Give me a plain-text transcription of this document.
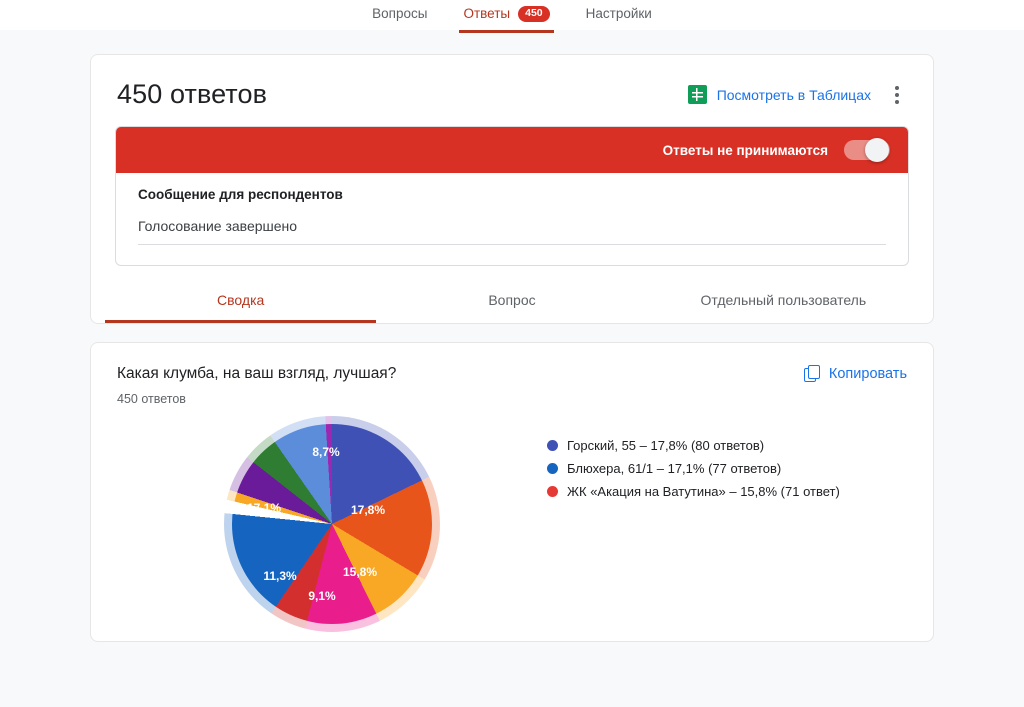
Вопросы	Ответы	450	Настройки
450 ответов	Посмотреть в Таблицах
Ответы не принимаются
Сообщение для респондентов
Голосование завершено
Сводка	Вопрос	Отдельный пользователь
Какая клумба, на ваш взгляд, лучшая?
450 ответов
Копировать
17,8%
15,8%
9,1%
11,3%
17,1%
8,7%	Горский, 55 – 17,8% (80 ответов)
Блюхера, 61/1 – 17,1% (77 ответов)
ЖК «Акация на Ватутина» – 15,8% (71 ответ)
